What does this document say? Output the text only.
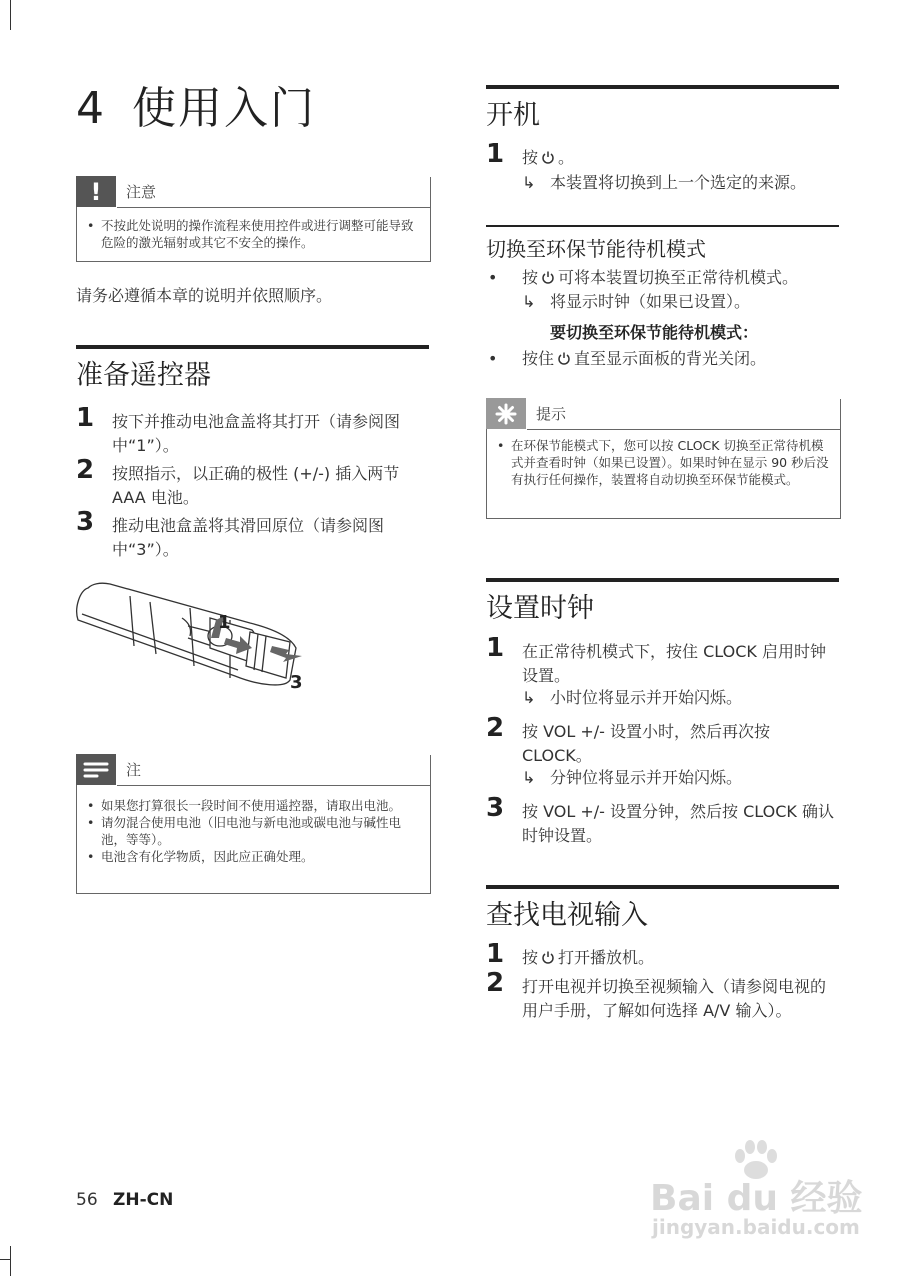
4 使用入门
!	注意
• 不按此处说明的操作流程来使用控件或进行调整可能导致危险的激光辐射或其它不安全的操作。
请务必遵循本章的说明并依照顺序。
准备遥控器
1 按下并推动电池盒盖将其打开（请参阅图中“1”）。
2 按照指示，以正确的极性 (+/-) 插入两节 AAA 电池。
3 推动电池盒盖将其滑回原位（请参阅图中“3”）。
1
3
注
• 如果您打算很长一段时间不使用遥控器，请取出电池。
• 请勿混合使用电池（旧电池与新电池或碳电池与碱性电池，等等）。
• 电池含有化学物质，因此应正确处理。
开机
1 按 。
↳ 本装置将切换到上一个选定的来源。
切换至环保节能待机模式
• 按 可将本装置切换至正常待机模式。
↳ 将显示时钟（如果已设置）。
要切换至环保节能待机模式：
• 按住 直至显示面板的背光关闭。
提示
• 在环保节能模式下，您可以按 CLOCK 切换至正常待机模式并查看时钟（如果已设置）。如果时钟在显示 90 秒后没有执行任何操作，装置将自动切换至环保节能模式。
设置时钟
1 在正常待机模式下，按住 CLOCK 启用时钟设置。
↳ 小时位将显示并开始闪烁。
2 按 VOL +/- 设置小时，然后再次按 CLOCK。
↳ 分钟位将显示并开始闪烁。
3 按 VOL +/- 设置分钟，然后按 CLOCK 确认时钟设置。
查找电视输入
1 按 打开播放机。
2 打开电视并切换至视频输入（请参阅电视的用户手册，了解如何选择 A/V 输入）。
56 ZH-CN	Bai du 经验
jingyan.baidu.com
